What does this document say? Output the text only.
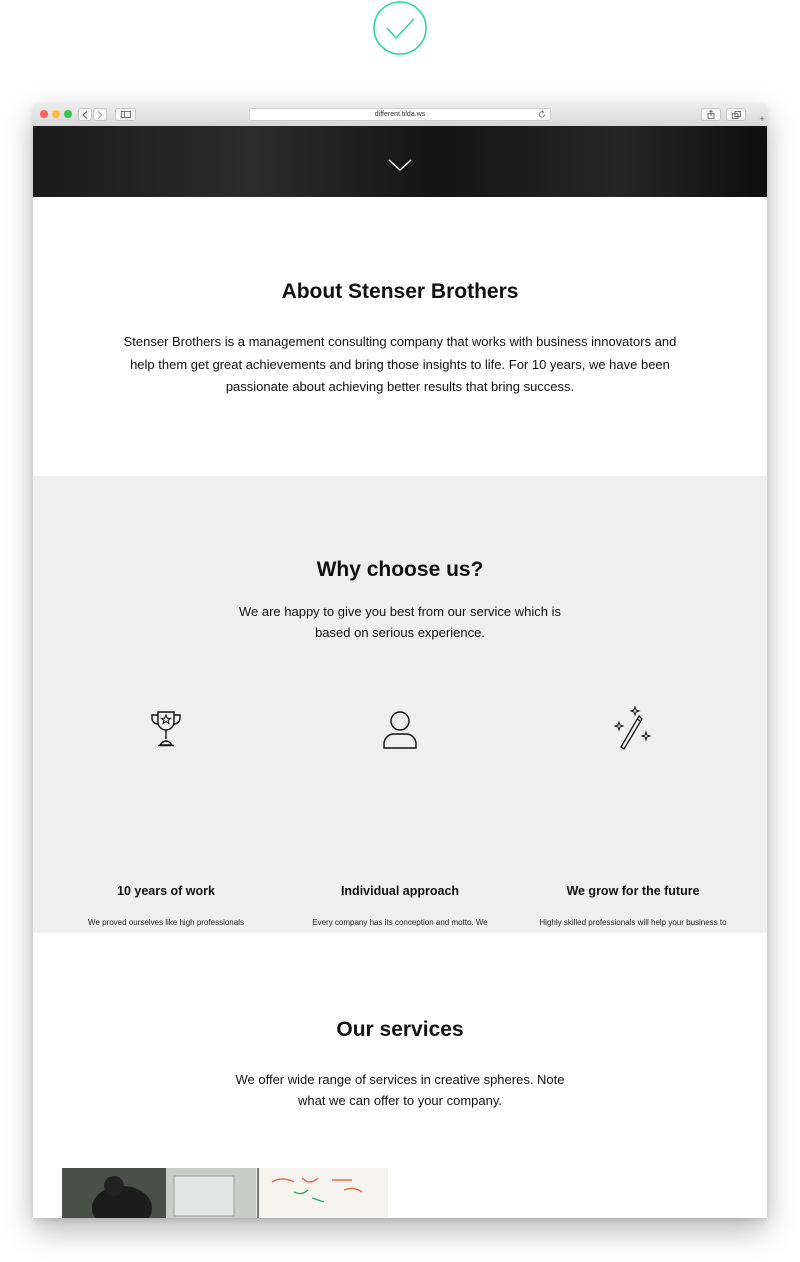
different.tilda.ws	+
About Stenser Brothers

Stenser Brothers is a management consulting company that works with business innovators and help them get great achievements and bring those insights to life. For 10 years, we have been passionate about achieving better results that bring success.

Why choose us?

We are happy to give you best from our service which is
based on serious experience.

10 years of work

We proved ourselves like high professionals

Individual approach

Every company has its conception and motto. We

We grow for the future

Highly skilled professionals will help your business to

Our services

We offer wide range of services in creative spheres. Note
what we can offer to your company.
